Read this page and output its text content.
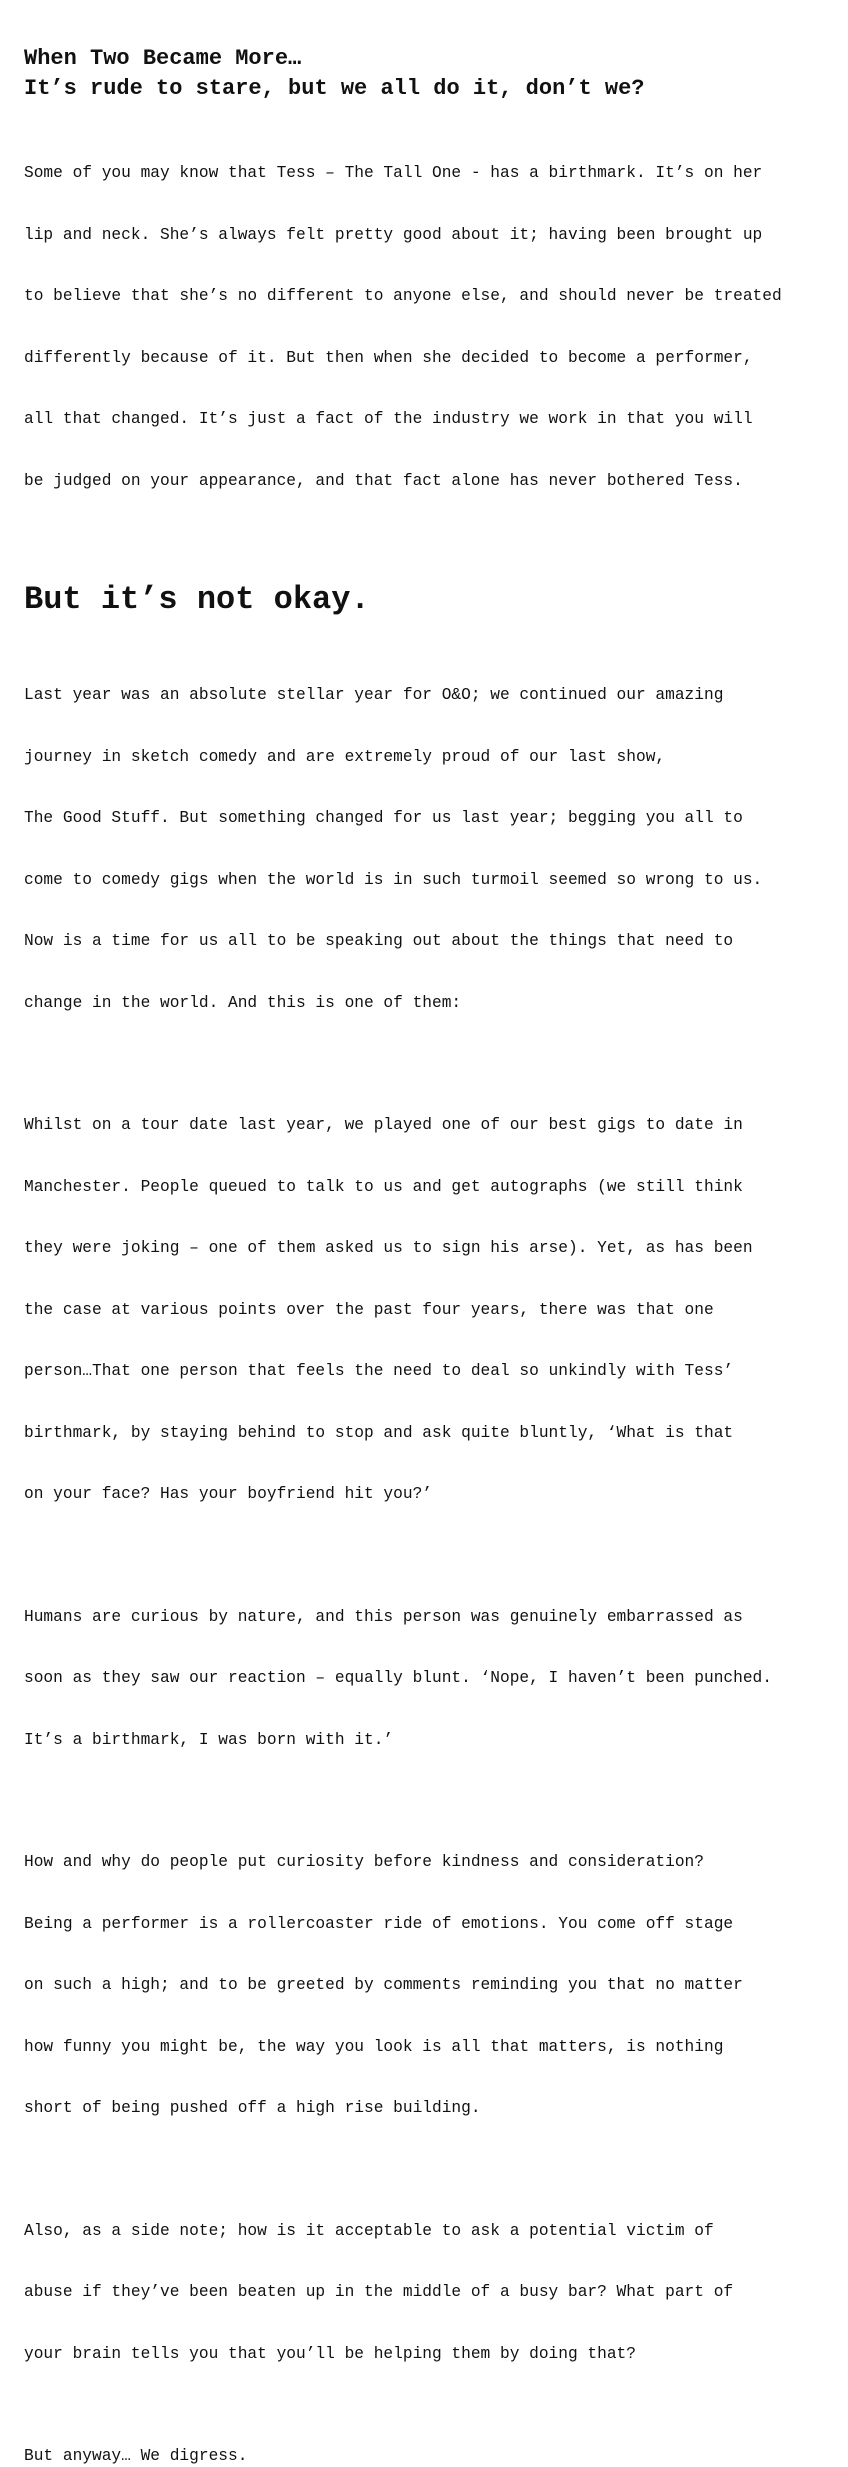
When Two Became More…
It’s rude to stare, but we all do it, don’t we?

Some of you may know that Tess – The Tall One - has a birthmark. It’s on her

lip and neck. She’s always felt pretty good about it; having been brought up

to believe that she’s no different to anyone else, and should never be treated

differently because of it. But then when she decided to become a performer,

all that changed. It’s just a fact of the industry we work in that you will

be judged on your appearance, and that fact alone has never bothered Tess.

But it’s not okay.

Last year was an absolute stellar year for O&O; we continued our amazing

journey in sketch comedy and are extremely proud of our last show,

The Good Stuff. But something changed for us last year; begging you all to

come to comedy gigs when the world is in such turmoil seemed so wrong to us.

Now is a time for us all to be speaking out about the things that need to

change in the world. And this is one of them:

Whilst on a tour date last year, we played one of our best gigs to date in

Manchester. People queued to talk to us and get autographs (we still think

they were joking – one of them asked us to sign his arse). Yet, as has been

the case at various points over the past four years, there was that one

person…That one person that feels the need to deal so unkindly with Tess’

birthmark, by staying behind to stop and ask quite bluntly, ‘What is that

on your face? Has your boyfriend hit you?’

Humans are curious by nature, and this person was genuinely embarrassed as

soon as they saw our reaction – equally blunt. ‘Nope, I haven’t been punched.

It’s a birthmark, I was born with it.’

How and why do people put curiosity before kindness and consideration?

Being a performer is a rollercoaster ride of emotions. You come off stage

on such a high; and to be greeted by comments reminding you that no matter

how funny you might be, the way you look is all that matters, is nothing

short of being pushed off a high rise building.

Also, as a side note; how is it acceptable to ask a potential victim of

abuse if they’ve been beaten up in the middle of a busy bar? What part of

your brain tells you that you’ll be helping them by doing that?

But anyway… We digress.
